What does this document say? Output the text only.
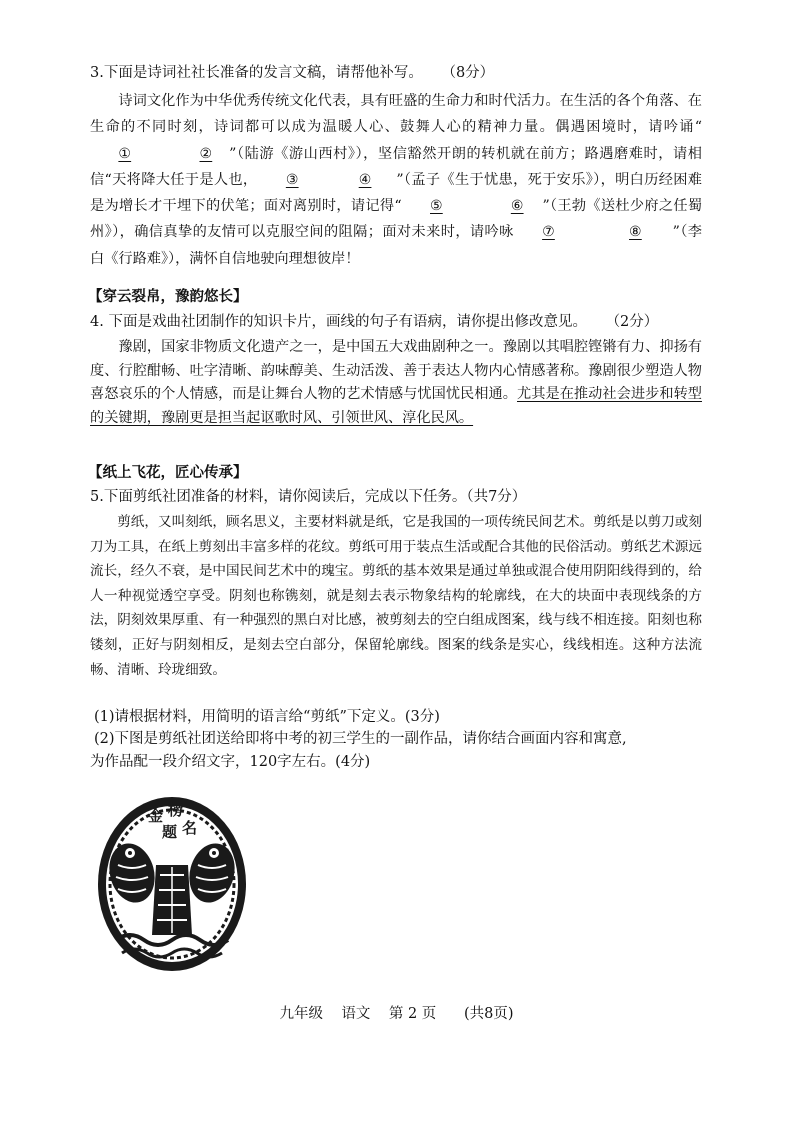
3.下面是诗词社社长准备的发言文稿，请帮他补写。 （8分）
诗词文化作为中华优秀传统文化代表，具有旺盛的生命力和时代活力。在生活的各个角落、在生命的不同时刻，诗词都可以成为温暖人心、鼓舞人心的精神力量。偶遇困境时，请吟诵“①	② ”（陆游《游山西村》），坚信豁然开朗的转机就在前方；路遇磨难时，请相信“天将降大任于是人也， ③	④ ”（孟子《生于忧患，死于安乐》），明白历经困难是为增长才干埋下的伏笔；面对离别时，请记得“ ⑤	⑥ ”（王勃《送杜少府之任蜀州》），确信真挚的友情可以克服空间的阻隔；面对未来时，请吟咏 ⑦	⑧ ”（李白《行路难》），满怀自信地驶向理想彼岸！
【穿云裂帛，豫韵悠长】
4. 下面是戏曲社团制作的知识卡片，画线的句子有语病，请你提出修改意见。 （2分）
豫剧，国家非物质文化遗产之一，是中国五大戏曲剧种之一。豫剧以其唱腔铿锵有力、抑扬有度、行腔酣畅、吐字清晰、韵味醇美、生动活泼、善于表达人物内心情感著称。豫剧很少塑造人物喜怒哀乐的个人情感，而是让舞台人物的艺术情感与忧国忧民相通。尤其是在推动社会进步和转型的关键期，豫剧更是担当起讴歌时风、引领世风、淳化民风。
【纸上飞花，匠心传承】
5.下面剪纸社团准备的材料，请你阅读后，完成以下任务。（共7分）
剪纸，又叫刻纸，顾名思义，主要材料就是纸，它是我国的一项传统民间艺术。剪纸是以剪刀或刻刀为工具，在纸上剪刻出丰富多样的花纹。剪纸可用于装点生活或配合其他的民俗活动。剪纸艺术源远流长，经久不衰，是中国民间艺术中的瑰宝。剪纸的基本效果是通过单独或混合使用阴阳线得到的，给人一种视觉透空享受。阴刻也称镌刻，就是刻去表示物象结构的轮廓线，在大的块面中表现线条的方法，阴刻效果厚重、有一种强烈的黑白对比感，被剪刻去的空白组成图案，线与线不相连接。阳刻也称镂刻，正好与阴刻相反，是刻去空白部分，保留轮廓线。图案的线条是实心，线线相连。这种方法流畅、清晰、玲珑细致。
(1)请根据材料，用简明的语言给“剪纸”下定义。(3分)
(2)下图是剪纸社团送给即将中考的初三学生的一副作品，请你结合画面内容和寓意,
为作品配一段介绍文字，120字左右。(4分)
金 榜
题 名
九年级 语文 第 2 页 (共8页)
